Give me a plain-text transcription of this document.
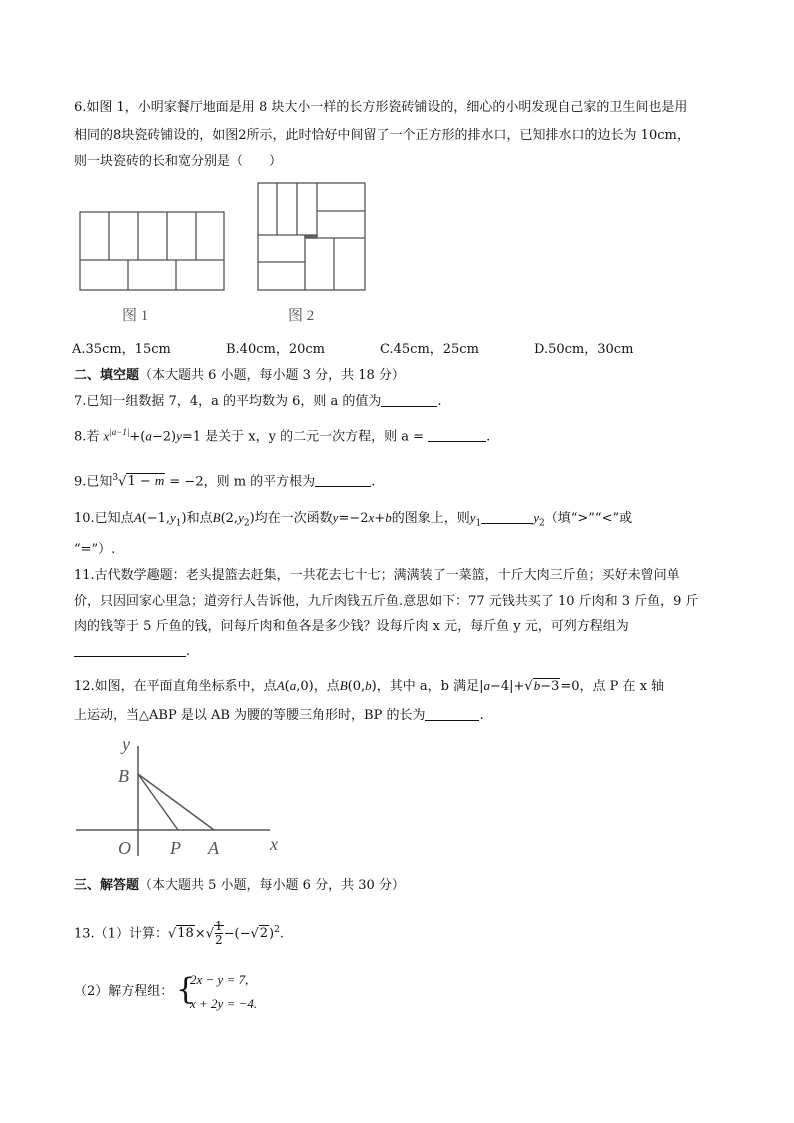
6.如图 1，小明家餐厅地面是用 8 块大小一样的长方形瓷砖铺设的，细心的小明发现自己家的卫生间也是用
相同的8块瓷砖铺设的，如图2所示，此时恰好中间留了一个正方形的排水口，已知排水口的边长为 10cm，
则一块瓷砖的长和宽分别是（　　）
图 1	图 2
A.35cm，15cm	B.40cm，20cm	C.45cm，25cm	D.50cm，30cm
二、填空题（本大题共 6 小题，每小题 3 分，共 18 分）
7.已知一组数据 7，4，a 的平均数为 6，则 a 的值为	.
8.若 $x^{|a-1|}+(a-2)y=1$ 是关于 x，y 的二元一次方程，则 a =	.
9.已知$^3$√1 − m = −2，则 m 的平方根为	.
10.已知点$A(-1,y_1)$和点$B(2,y_2)$均在一次函数y=−2x+b的图象上，则$y_1$	$y_2$（填“>”“<”或
“=”）.
11.古代数学趣题：老头提篮去赶集，一共花去七十七；满满装了一菜篮，十斤大肉三斤鱼；买好未曾问单
价，只因回家心里急；道旁行人告诉他，九斤肉钱五斤鱼.意思如下：77 元钱共买了 10 斤肉和 3 斤鱼，9 斤
肉的钱等于 5 斤鱼的钱，问每斤肉和鱼各是多少钱？设每斤肉 x 元，每斤鱼 y 元，可列方程组为
.
12.如图，在平面直角坐标系中，点A(a,0)，点B(0,b)，其中 a，b 满足|a−4|+√b−3=0，点 P 在 x 轴
上运动，当△ABP 是以 AB 为腰的等腰三角形时，BP 的长为	.
y
x
B
O P A
三、解答题（本大题共 5 小题，每小题 6 分，共 30 分）
13.（1）计算：$√18\times√ \frac{1}{2} -(-√2)^2$.
（2）解方程组： {
2x − y = 7,
x + 2y = −4.
